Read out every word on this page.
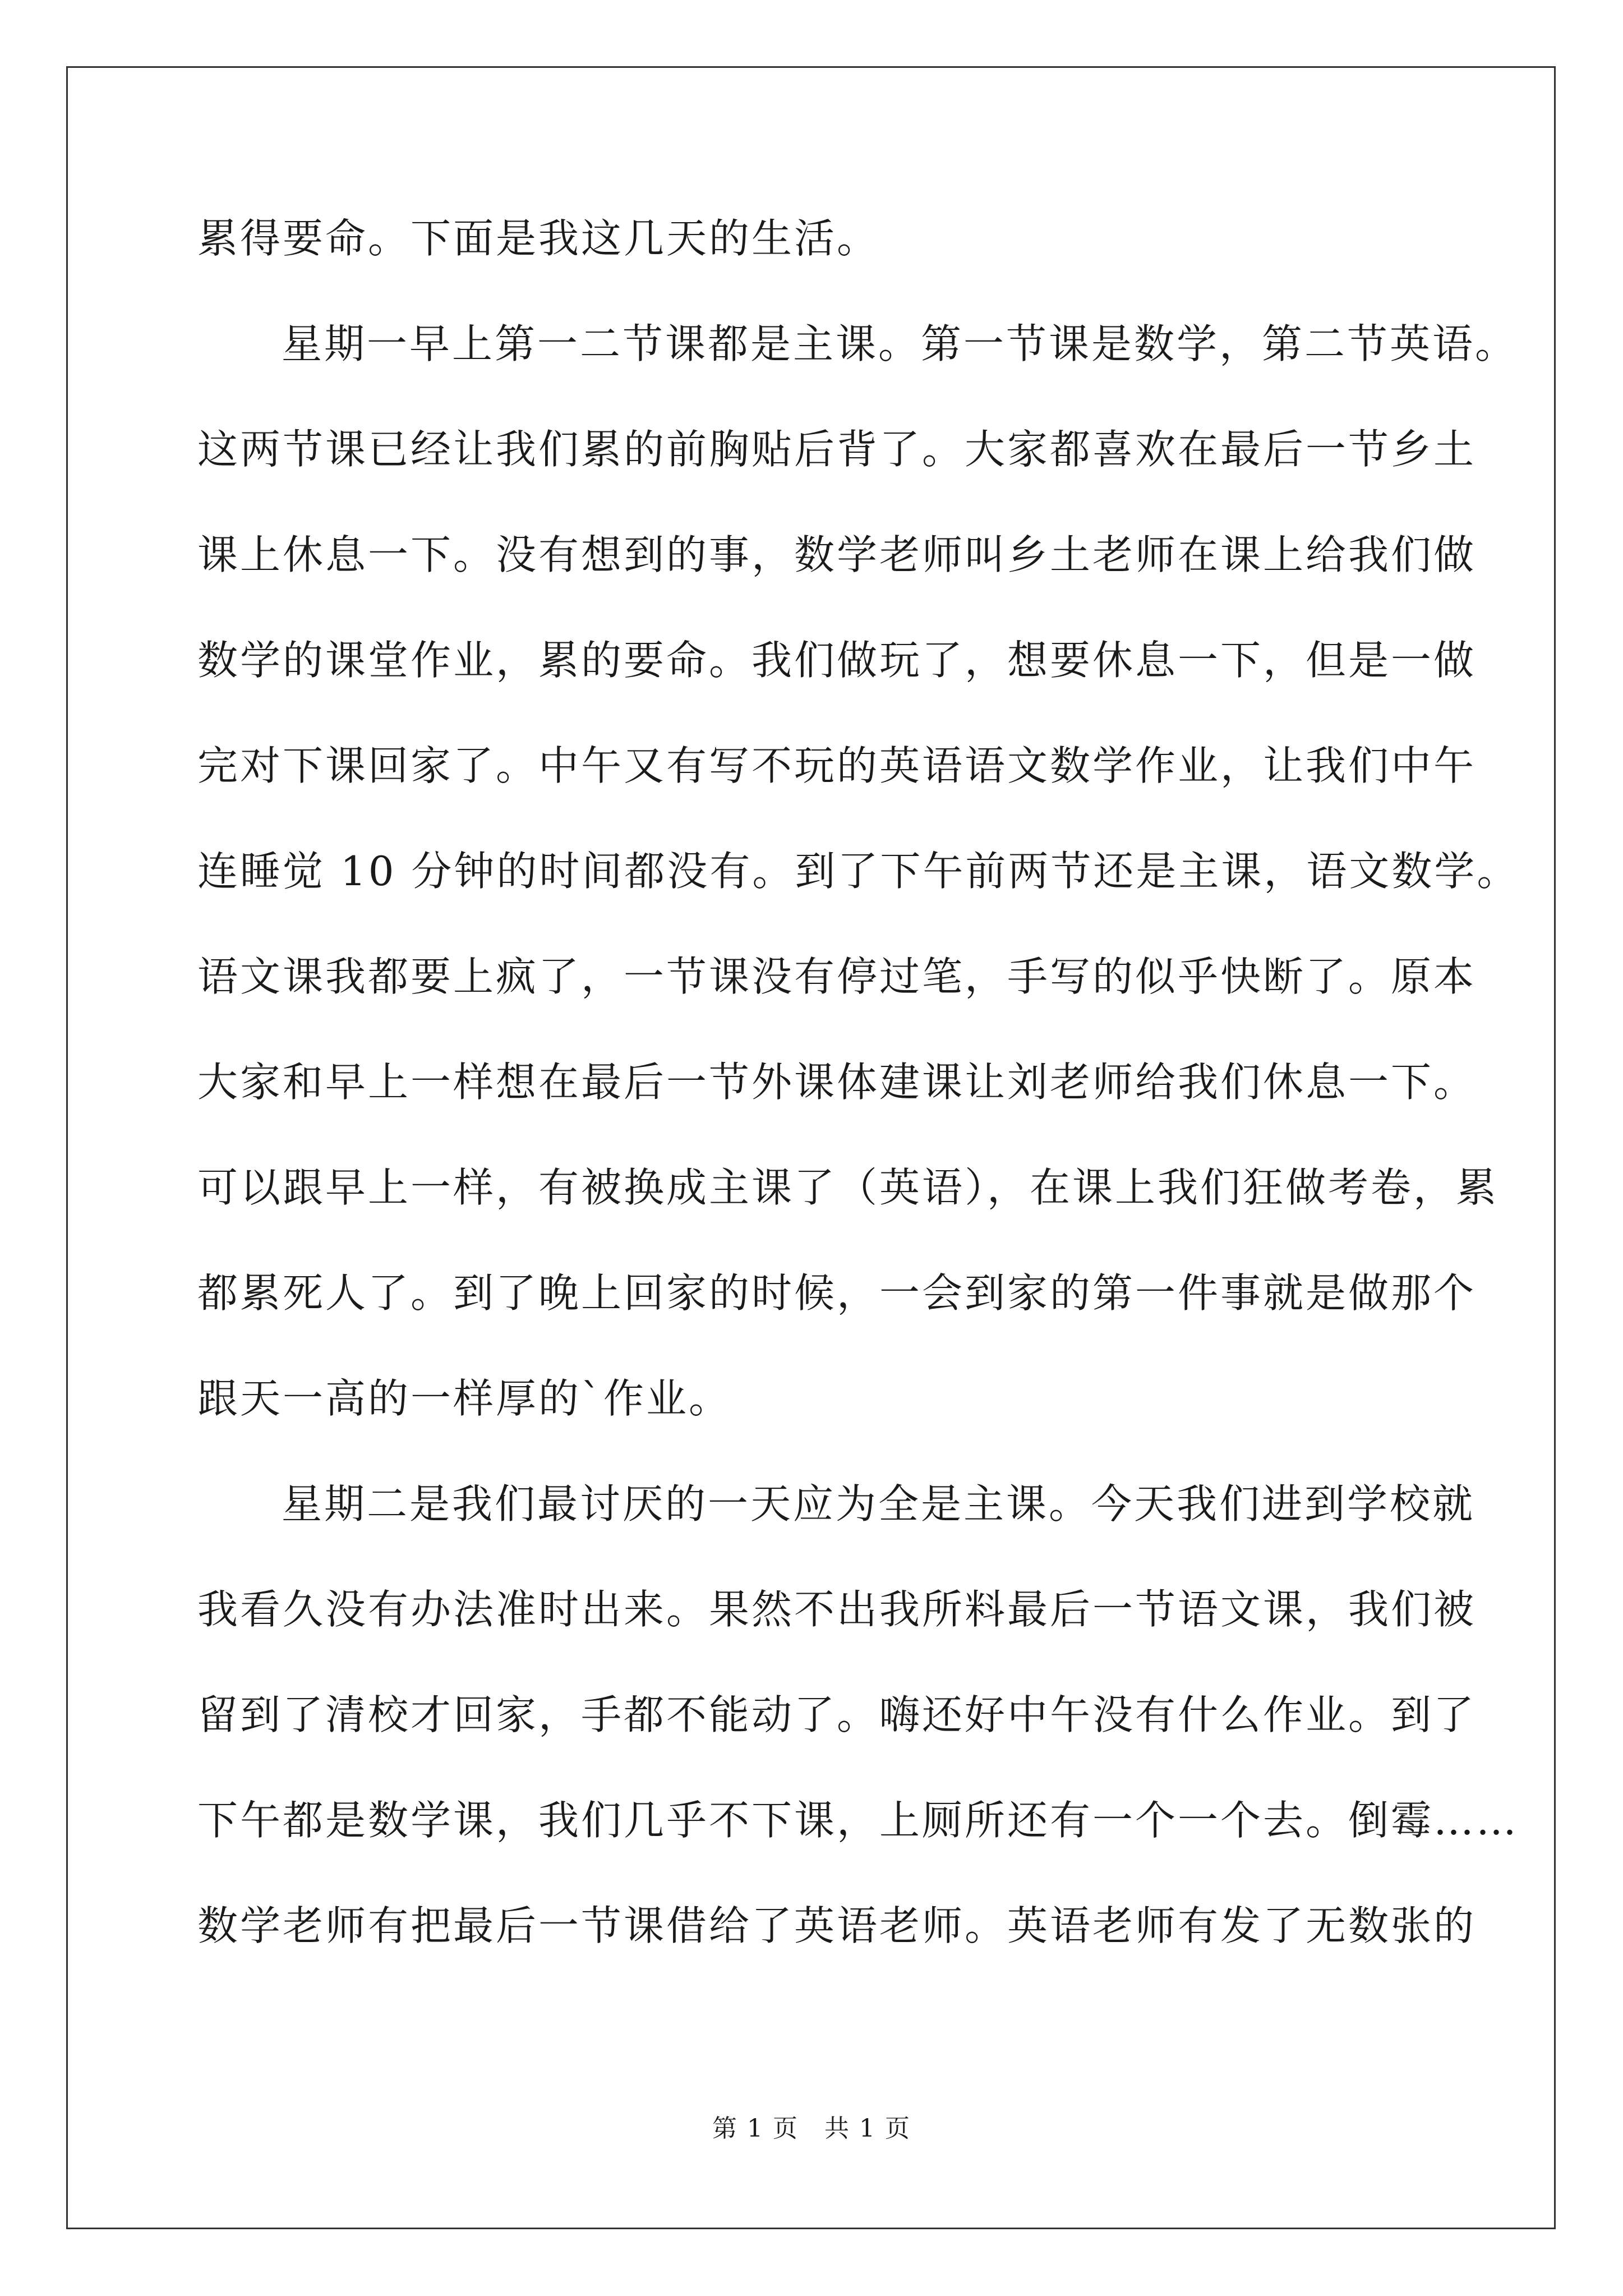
累得要命。下面是我这几天的生活。
星期一早上第一二节课都是主课。第一节课是数学，第二节英语。
这两节课已经让我们累的前胸贴后背了。大家都喜欢在最后一节乡土
课上休息一下。没有想到的事，数学老师叫乡土老师在课上给我们做
数学的课堂作业，累的要命。我们做玩了，想要休息一下，但是一做
完对下课回家了。中午又有写不玩的英语语文数学作业，让我们中午
连睡觉 10 分钟的时间都没有。到了下午前两节还是主课，语文数学。
语文课我都要上疯了，一节课没有停过笔，手写的似乎快断了。原本
大家和早上一样想在最后一节外课体建课让刘老师给我们休息一下。
可以跟早上一样，有被换成主课了（英语），在课上我们狂做考卷，累
都累死人了。到了晚上回家的时候，一会到家的第一件事就是做那个
跟天一高的一样厚的`作业。
星期二是我们最讨厌的一天应为全是主课。今天我们进到学校就
我看久没有办法准时出来。果然不出我所料最后一节语文课，我们被
留到了清校才回家，手都不能动了。嗨还好中午没有什么作业。到了
下午都是数学课，我们几乎不下课，上厕所还有一个一个去。倒霉……
数学老师有把最后一节课借给了英语老师。英语老师有发了无数张的
第 1 页　共 1 页
